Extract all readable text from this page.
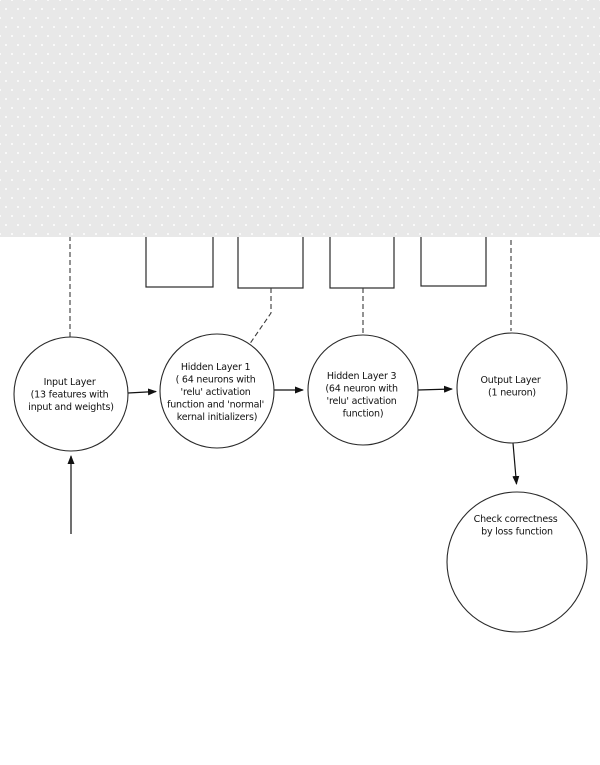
Input Layer (13 features with input and weights)
Hidden Layer 1 ( 64 neurons with 'relu' activation function and 'normal' kernal initializers)
Hidden Layer 3 (64 neuron with 'relu' activation function)
Output Layer (1 neuron)
Check correctness by loss function
